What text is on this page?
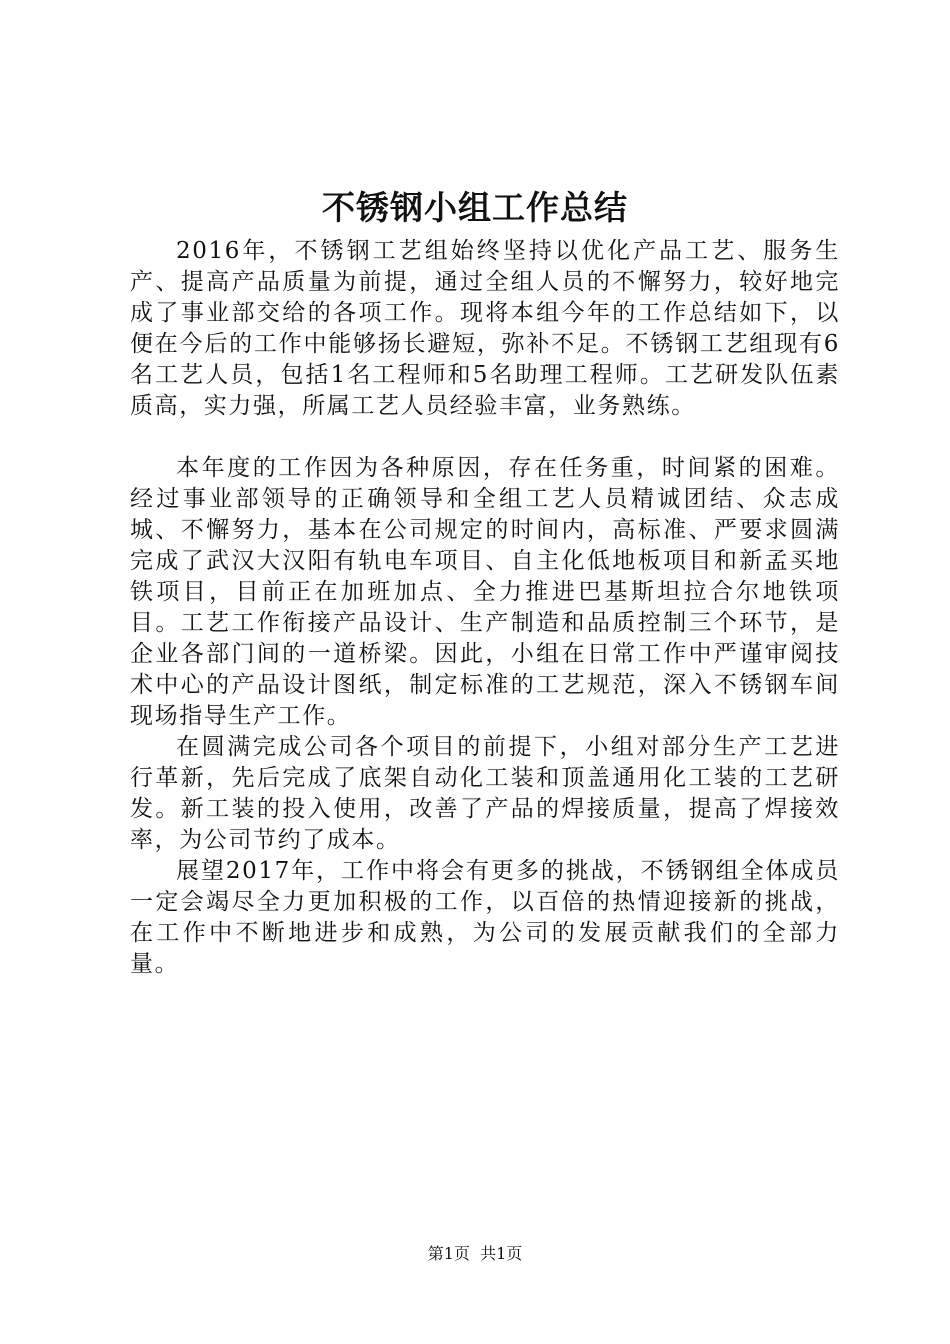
不锈钢小组工作总结

2016年，不锈钢工艺组始终坚持以优化产品工艺、服务生产、提高产品质量为前提，通过全组人员的不懈努力，较好地完成了事业部交给的各项工作。现将本组今年的工作总结如下，以便在今后的工作中能够扬长避短，弥补不足。不锈钢工艺组现有6名工艺人员，包括1名工程师和5名助理工程师。工艺研发队伍素质高，实力强，所属工艺人员经验丰富，业务熟练。

本年度的工作因为各种原因，存在任务重，时间紧的困难。经过事业部领导的正确领导和全组工艺人员精诚团结、众志成城、不懈努力，基本在公司规定的时间内，高标准、严要求圆满完成了武汉大汉阳有轨电车项目、自主化低地板项目和新孟买地铁项目，目前正在加班加点、全力推进巴基斯坦拉合尔地铁项目。工艺工作衔接产品设计、生产制造和品质控制三个环节，是企业各部门间的一道桥梁。因此，小组在日常工作中严谨审阅技术中心的产品设计图纸，制定标准的工艺规范，深入不锈钢车间现场指导生产工作。

在圆满完成公司各个项目的前提下，小组对部分生产工艺进行革新，先后完成了底架自动化工装和顶盖通用化工装的工艺研发。新工装的投入使用，改善了产品的焊接质量，提高了焊接效率，为公司节约了成本。

展望2017年，工作中将会有更多的挑战，不锈钢组全体成员一定会竭尽全力更加积极的工作，以百倍的热情迎接新的挑战，在工作中不断地进步和成熟，为公司的发展贡献我们的全部力量。

第1页 共1页
